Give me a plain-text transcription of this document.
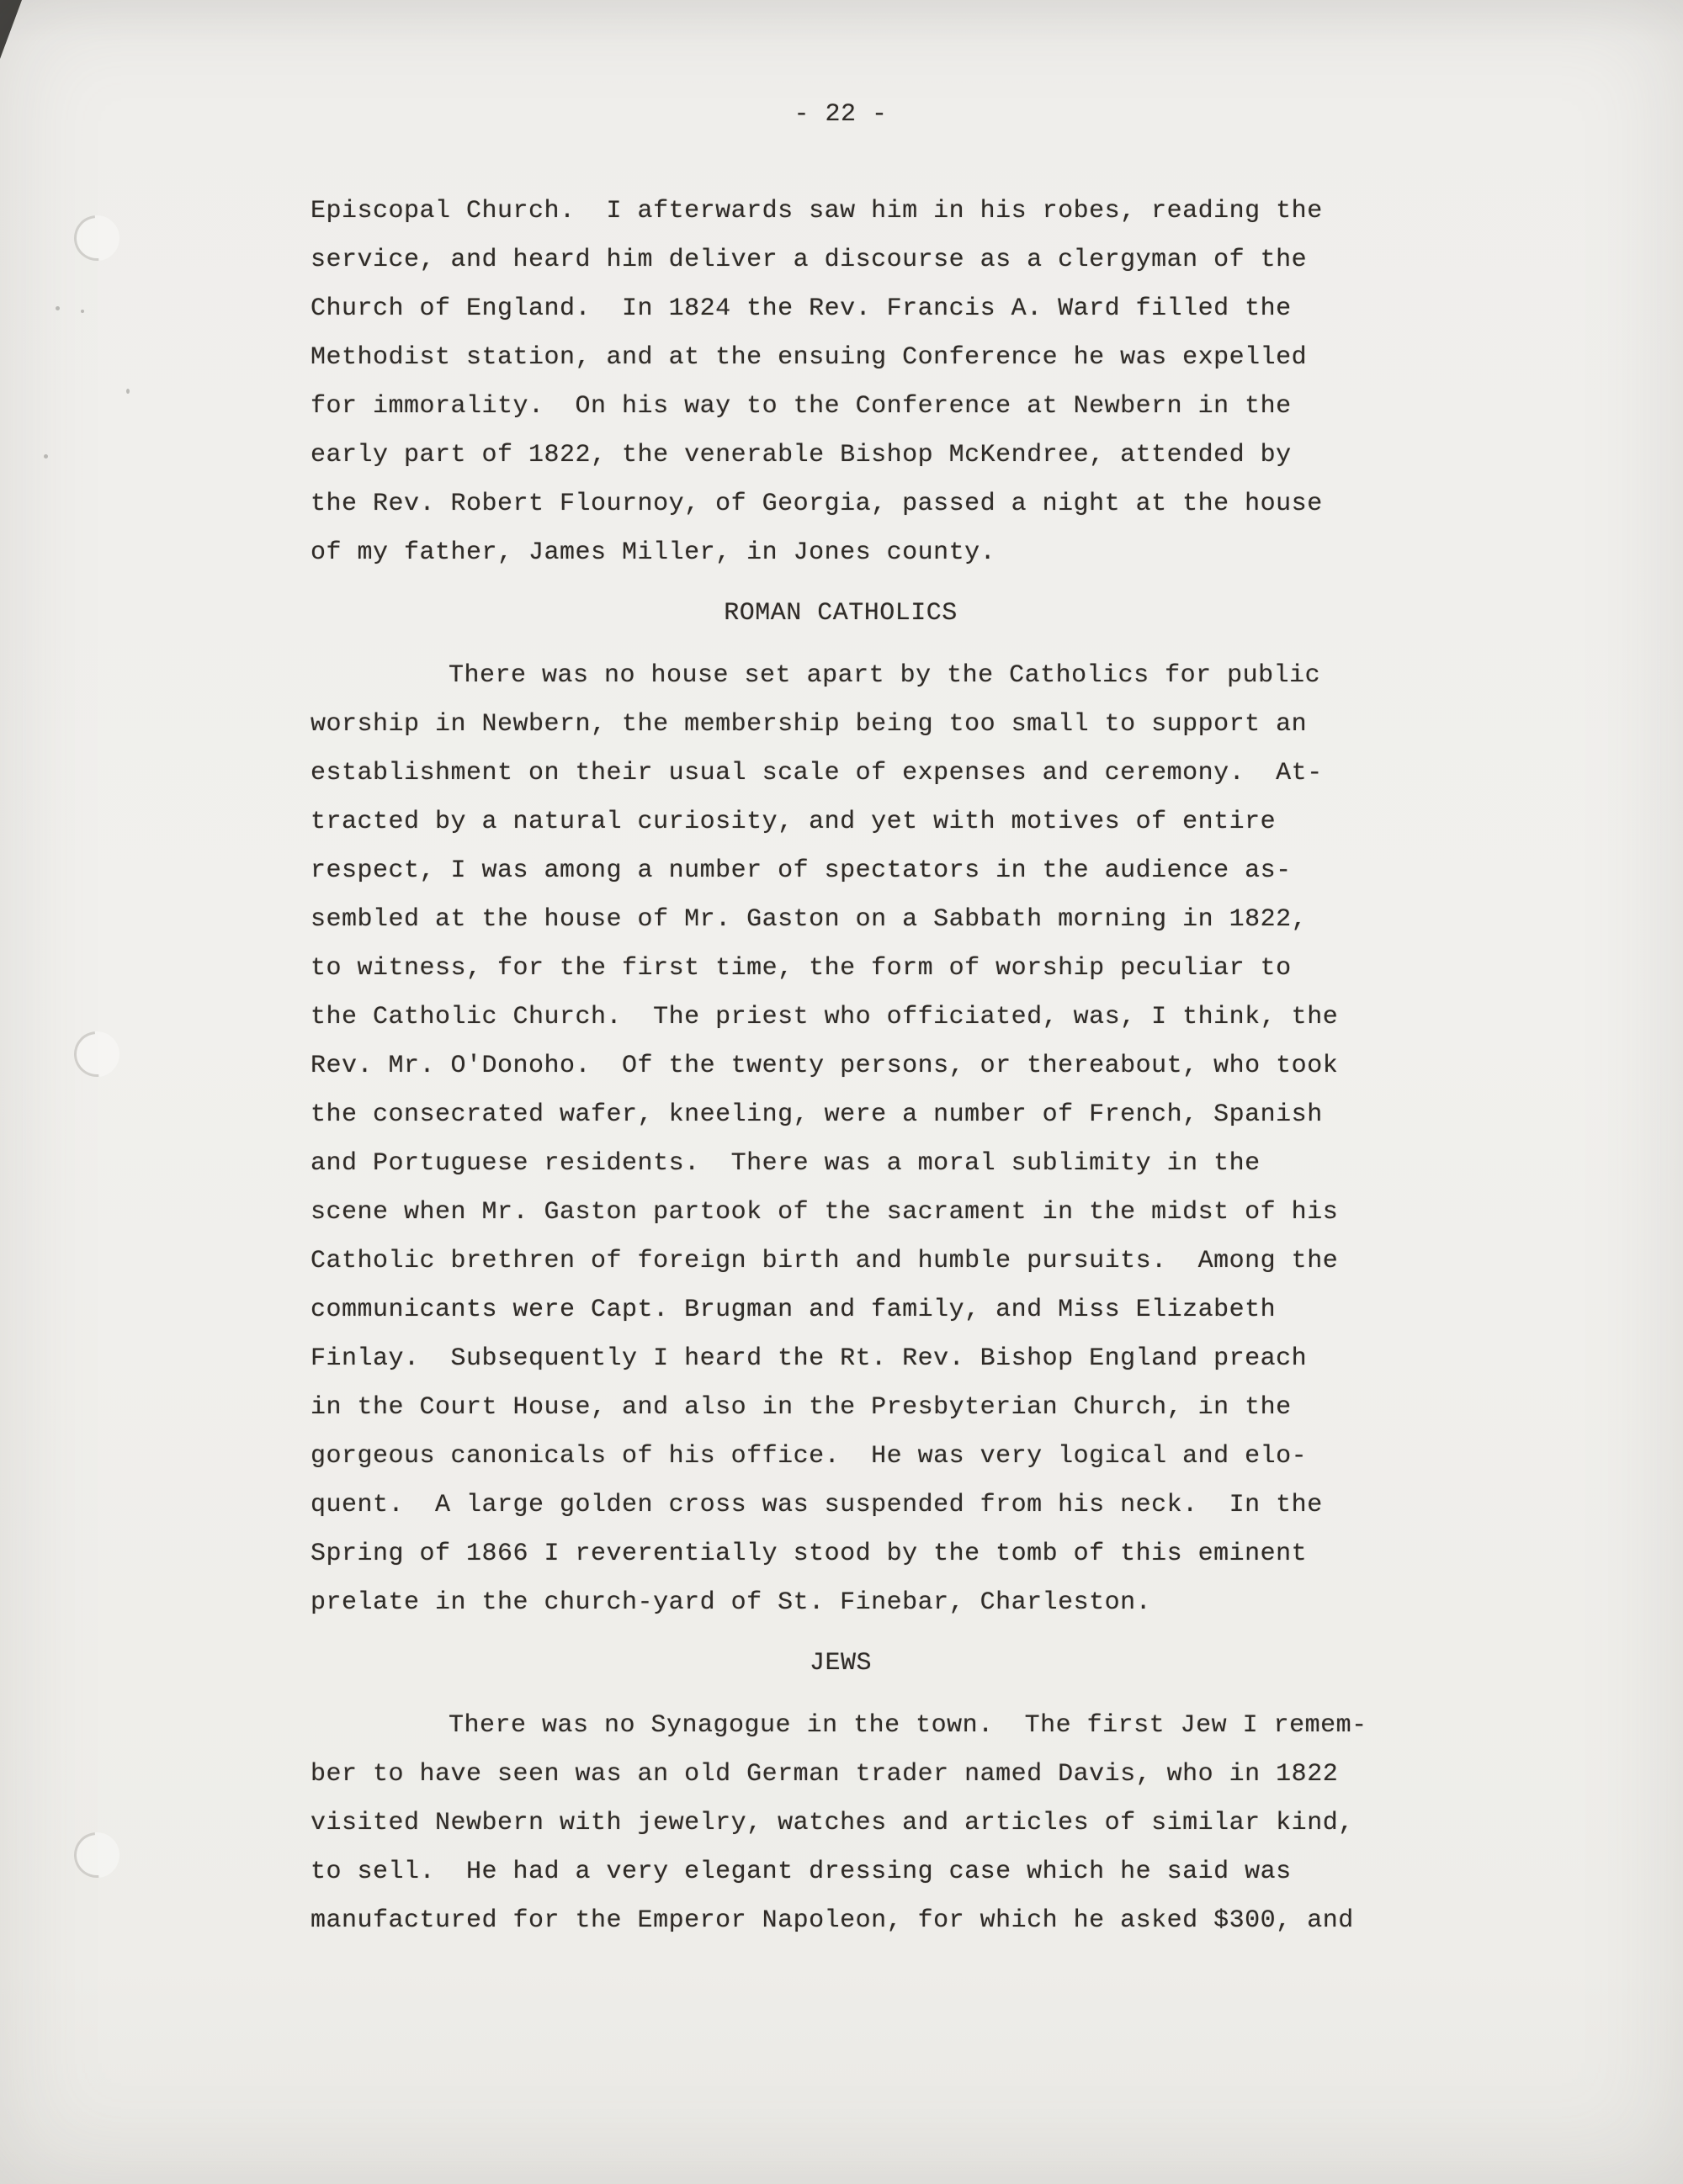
- 22 -
Episcopal Church.  I afterwards saw him in his robes, reading the
service, and heard him deliver a discourse as a clergyman of the
Church of England.  In 1824 the Rev. Francis A. Ward filled the
Methodist station, and at the ensuing Conference he was expelled
for immorality.  On his way to the Conference at Newbern in the
early part of 1822, the venerable Bishop McKendree, attended by
the Rev. Robert Flournoy, of Georgia, passed a night at the house
of my father, James Miller, in Jones county.
ROMAN CATHOLICS
There was no house set apart by the Catholics for public
worship in Newbern, the membership being too small to support an
establishment on their usual scale of expenses and ceremony.  At-
tracted by a natural curiosity, and yet with motives of entire
respect, I was among a number of spectators in the audience as-
sembled at the house of Mr. Gaston on a Sabbath morning in 1822,
to witness, for the first time, the form of worship peculiar to
the Catholic Church.  The priest who officiated, was, I think, the
Rev. Mr. O'Donoho.  Of the twenty persons, or thereabout, who took
the consecrated wafer, kneeling, were a number of French, Spanish
and Portuguese residents.  There was a moral sublimity in the
scene when Mr. Gaston partook of the sacrament in the midst of his
Catholic brethren of foreign birth and humble pursuits.  Among the
communicants were Capt. Brugman and family, and Miss Elizabeth
Finlay.  Subsequently I heard the Rt. Rev. Bishop England preach
in the Court House, and also in the Presbyterian Church, in the
gorgeous canonicals of his office.  He was very logical and elo-
quent.  A large golden cross was suspended from his neck.  In the
Spring of 1866 I reverentially stood by the tomb of this eminent
prelate in the church-yard of St. Finebar, Charleston.
JEWS
There was no Synagogue in the town.  The first Jew I remem-
ber to have seen was an old German trader named Davis, who in 1822
visited Newbern with jewelry, watches and articles of similar kind,
to sell.  He had a very elegant dressing case which he said was
manufactured for the Emperor Napoleon, for which he asked $300, and
